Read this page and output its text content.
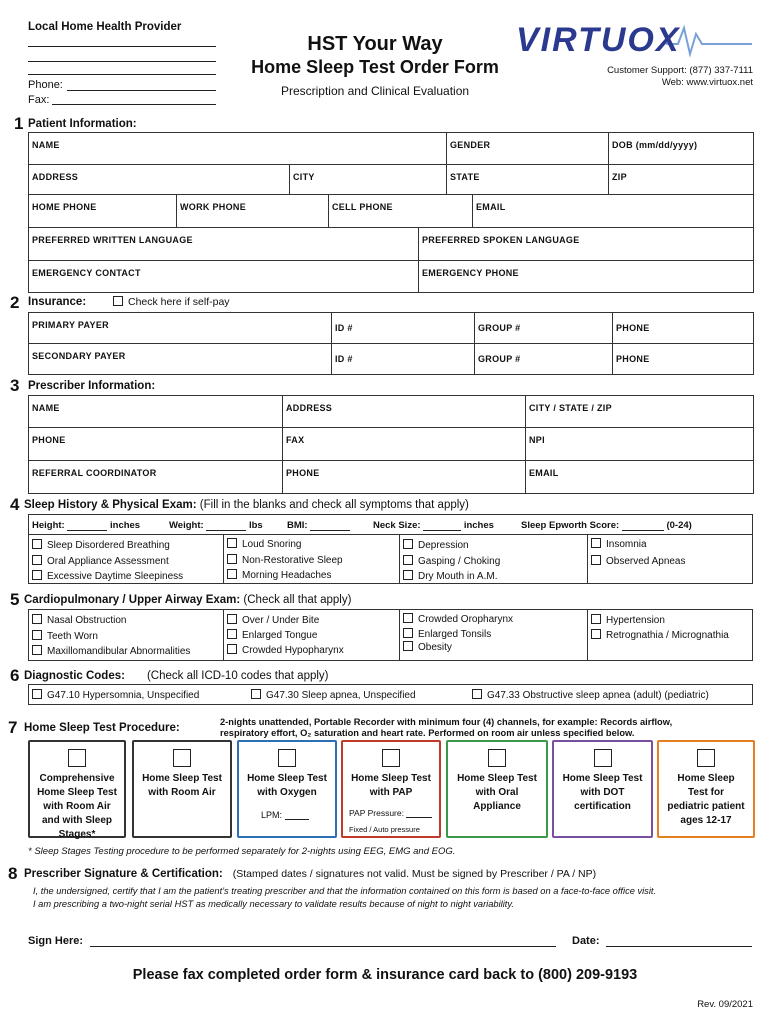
Local Home Health Provider
Phone:
Fax:
HST Your Way
Home Sleep Test Order Form
Prescription and Clinical Evaluation
VIRTUOX
Customer Support: (877) 337-7111
Web: www.virtuox.net
1 Patient Information:
NAME	GENDER	DOB (mm/dd/yyyy)
ADDRESS	CITY	STATE	ZIP
HOME PHONE	WORK PHONE	CELL PHONE	EMAIL
PREFERRED WRITTEN LANGUAGE	PREFERRED SPOKEN LANGUAGE
EMERGENCY CONTACT	EMERGENCY PHONE
2 Insurance:	Check here if self-pay
PRIMARY PAYER	ID #	GROUP #	PHONE
SECONDARY PAYER	ID #	GROUP #	PHONE
3 Prescriber Information:
NAME	ADDRESS	CITY / STATE / ZIP
PHONE	FAX	NPI
REFERRAL COORDINATOR	PHONE	EMAIL
4 Sleep History & Physical Exam: (Fill in the blanks and check all symptoms that apply)
Height:	inches	Weight:	lbs	BMI:	Neck Size:	inches	Sleep Epworth Score:	(0-24)
Sleep Disordered Breathing
Oral Appliance Assessment
Excessive Daytime Sleepiness
Loud Snoring
Non-Restorative Sleep
Morning Headaches
Depression
Gasping / Choking
Dry Mouth in A.M.
Insomnia
Observed Apneas
5 Cardiopulmonary / Upper Airway Exam: (Check all that apply)
Nasal Obstruction
Teeth Worn
Maxillomandibular Abnormalities
Over / Under Bite
Enlarged Tongue
Crowded Hypopharynx
Crowded Oropharynx
Enlarged Tonsils
Obesity
Hypertension
Retrognathia / Micrognathia
6 Diagnostic Codes: (Check all ICD-10 codes that apply)
G47.10 Hypersomnia, Unspecified	G47.30 Sleep apnea, Unspecified	G47.33 Obstructive sleep apnea (adult) (pediatric)
7 Home Sleep Test Procedure:	2-nights unattended, Portable Recorder with minimum four (4) channels, for example: Records airflow,
respiratory effort, O₂ saturation and heart rate. Performed on room air unless specified below.
Comprehensive Home Sleep Test with Room Air and with Sleep Stages*
Home Sleep Test with Room Air
Home Sleep Test with Oxygen
LPM:
Home Sleep Test with PAP
PAP Pressure:
Fixed / Auto pressure
Home Sleep Test with Oral Appliance
Home Sleep Test with DOT certification
Home Sleep Test for pediatric patient ages 12-17
* Sleep Stages Testing procedure to be performed separately for 2-nights using EEG, EMG and EOG.
8 Prescriber Signature & Certification: (Stamped dates / signatures not valid. Must be signed by Prescriber / PA / NP)
I, the undersigned, certify that I am the patient’s treating prescriber and that the information contained on this form is based on a face-to-face office visit.
I am prescribing a two-night serial HST as medically necessary to validate results because of night to night variability.
Sign Here:	Date:
Please fax completed order form & insurance card back to (800) 209-9193
Rev. 09/2021
